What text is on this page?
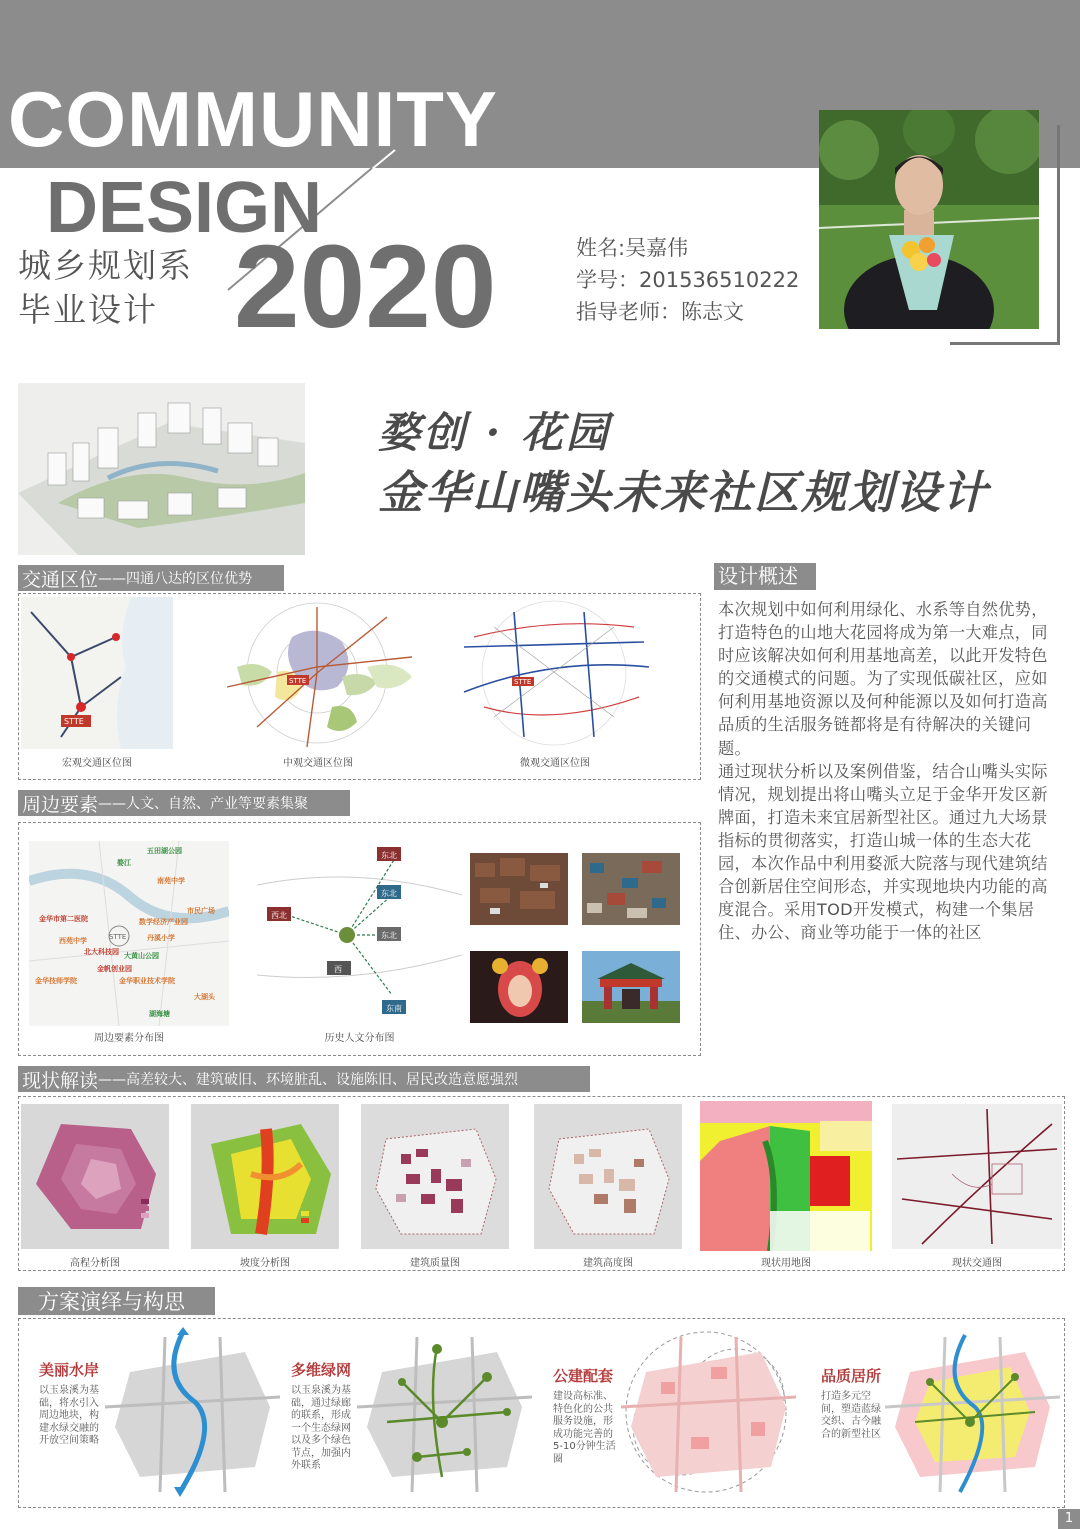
COMMUNITY
DESIGN
城乡规划系
毕业设计 2020	姓名:吴嘉伟
学号：201536510222
指导老师：陈志文
婺创 · 花园
金华山嘴头未来社区规划设计
交通区位 ——四通八达的区位优势
STTE
STTE	STTE
宏观交通区位图	中观交通区位图	微观交通区位图
设计概述

本次规划中如何利用绿化、水系等自然优势，打造特色的山地大花园将成为第一大难点，同时应该解决如何利用基地高差，以此开发特色的交通模式的问题。为了实现低碳社区，应如何利用基地资源以及何种能源以及如何打造高品质的生活服务链都将是有待解决的关键问题。

通过现状分析以及案例借鉴，结合山嘴头实际情况，规划提出将山嘴头立足于金华开发区新牌面，打造未来宜居新型社区。通过九大场景指标的贯彻落实，打造山城一体的生态大花园，本次作品中利用婺派大院落与现代建筑结合创新居住空间形态，并实现地块内功能的高度混合。采用TOD开发模式，构建一个集居住、办公、商业等功能于一体的社区

周边要素 ——人文、自然、产业等要素集聚
STTE
五田湖公园
婺江
南苑中学
金华市第二医院
西苑中学
北大科技园
数学经济产业园
丹溪小学
大黄山公园
金帆创业园
金华技师学院	金华职业技术学院
湖海塘
大湖头
市民广场
东北
东北
东北
西北
西
东南
周边要素分布图	历史人文分布图
现状解读 ——高差较大、建筑破旧、环境脏乱、设施陈旧、居民改造意愿强烈
高程分析图	坡度分析图	建筑质量图	建筑高度图	现状用地图	现状交通图
方案演绎与构思
美丽水岸
以玉泉溪为基础，将水引入周边地块，构建水绿交融的开放空间策略
多维绿网
以玉泉溪为基础，通过绿廊的联系，形成一个生态绿网以及多个绿色节点，加强内外联系
公建配套
建设高标准、特色化的公共服务设施，形成功能完善的5-10分钟生活圈
品质居所
打造多元空间，塑造蓝绿交织、古今融合的新型社区
1
